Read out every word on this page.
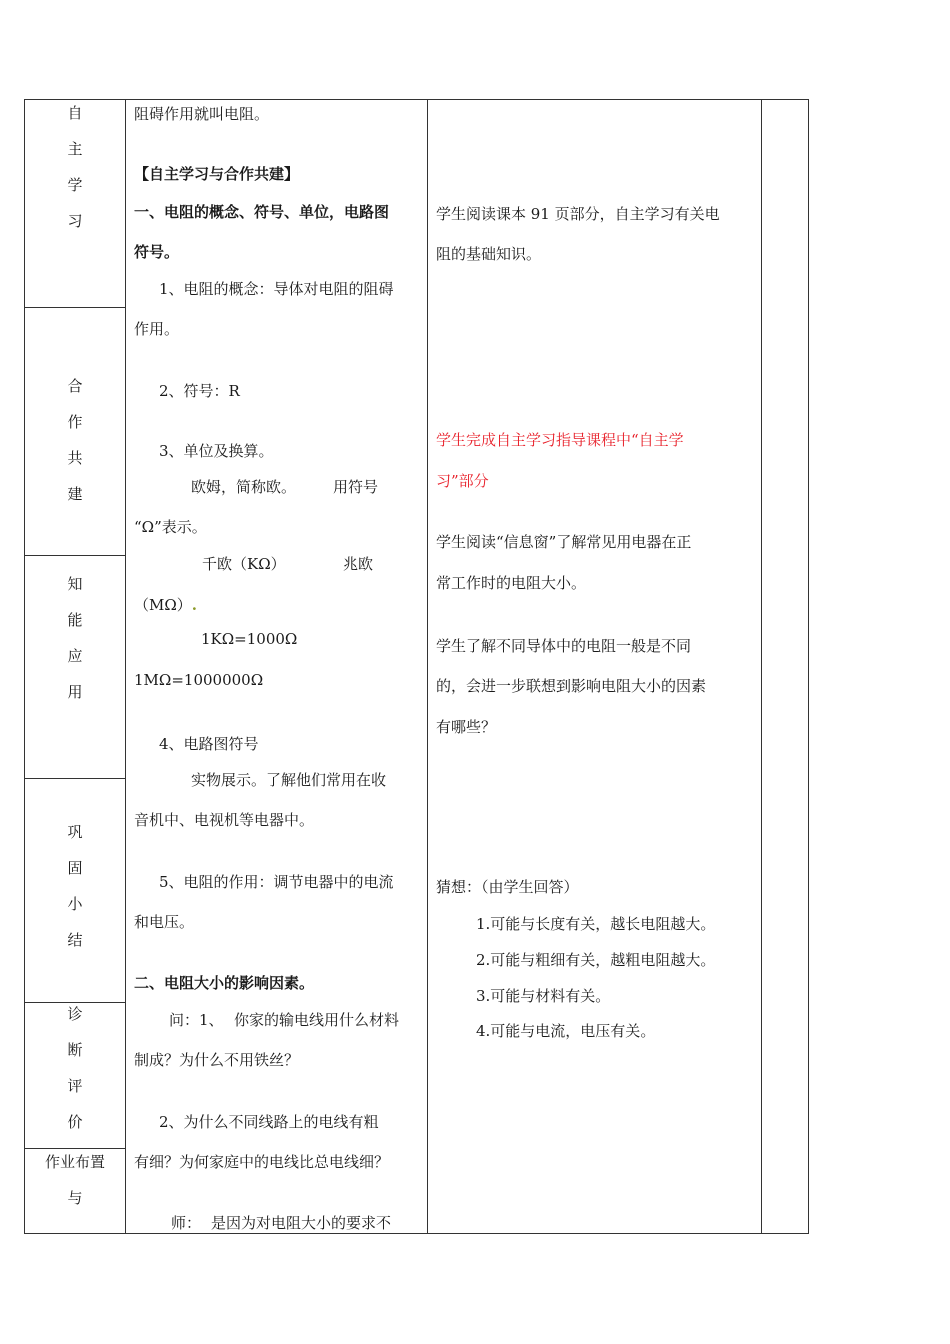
自
主
学
习
合
作
共
建
知
能
应
用
巩
固
小
结
诊
断
评
价
作业布置
与
阻碍作用就叫电阻。
【自主学习与合作共建】
一、电阻的概念、符号、单位，电路图
符号。
1、电阻的概念：导体对电阻的阻碍
作用。
2、符号：R
3、单位及换算。
欧姆，简称欧。 用符号
“Ω”表示。
千欧（KΩ）	兆欧
（MΩ）.
1KΩ=1000Ω
1MΩ=1000000Ω
4、电路图符号
实物展示。了解他们常用在收
音机中、电视机等电器中。
5、电阻的作用：调节电器中的电流
和电压。
二、电阻大小的影响因素。
问：1、 你家的输电线用什么材料
制成？为什么不用铁丝？
2、为什么不同线路上的电线有粗
有细？为何家庭中的电线比总电线细？
师： 是因为对电阻大小的要求不
学生阅读课本 91 页部分，自主学习有关电
阻的基础知识。
学生完成自主学习指导课程中“自主学
习”部分
学生阅读“信息窗”了解常见用电器在正
常工作时的电阻大小。
学生了解不同导体中的电阻一般是不同
的，会进一步联想到影响电阻大小的因素
有哪些？
猜想：（由学生回答）
1.可能与长度有关，越长电阻越大。
2.可能与粗细有关，越粗电阻越大。
3.可能与材料有关。
4.可能与电流，电压有关。
